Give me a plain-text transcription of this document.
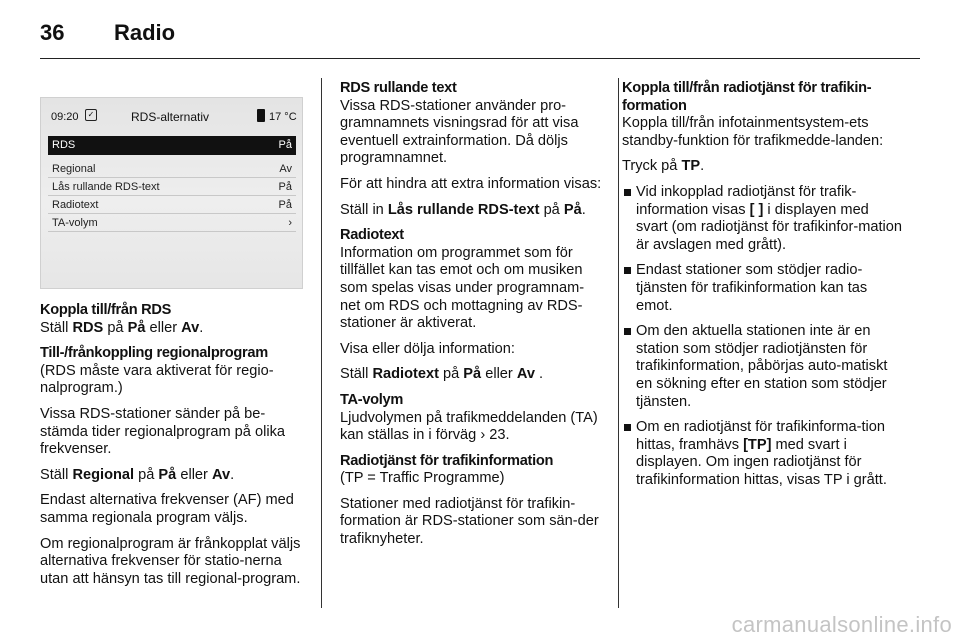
36 Radio
09:20	✓	RDS-alternativ	17 °C
RDS	På
Regional	Av
Lås rullande RDS-text	På
Radiotext	På
TA-volym	›

Koppla till/från RDS

Ställ RDS på På eller Av.

Till-/frånkoppling regionalprogram

(RDS måste vara aktiverat för regio-nalprogram.)

Vissa RDS-stationer sänder på be-stämda tider regionalprogram på olika frekvenser.

Ställ Regional på På eller Av.

Endast alternativa frekvenser (AF) med samma regionala program väljs.

Om regionalprogram är frånkopplat väljs alternativa frekvenser för statio-nerna utan att hänsyn tas till regional-program.

RDS rullande text

Vissa RDS-stationer använder pro-gramnamnets visningsrad för att visa eventuell extrainformation. Då döljs programnamnet.

För att hindra att extra information visas:

Ställ in Lås rullande RDS-text på På.

Radiotext

Information om programmet som för tillfället kan tas emot och om musiken som spelas visas under programnam-net om RDS och mottagning av RDS-stationer är aktiverat.

Visa eller dölja information:

Ställ Radiotext på På eller Av .

TA-volym

Ljudvolymen på trafikmeddelanden (TA) kan ställas in i förväg › 23.

Radiotjänst för trafikinformation

(TP = Traffic Programme)

Stationer med radiotjänst för trafikin-formation är RDS-stationer som sän-der trafiknyheter.

Koppla till/från radiotjänst för trafikin-formation

Koppla till/från infotainmentsystem-ets standby-funktion för trafikmedde-landen:

Tryck på TP.

Vid inkopplad radiotjänst för trafik-information visas [ ] i displayen med svart (om radiotjänst för trafikinfor-mation är avslagen med grått).
Endast stationer som stödjer radio-tjänsten för trafikinformation kan tas emot.
Om den aktuella stationen inte är en station som stödjer radiotjänsten för trafikinformation, påbörjas auto-matiskt en sökning efter en station som stödjer tjänsten.
Om en radiotjänst för trafikinforma-tion hittas, framhävs [TP] med svart i displayen. Om ingen radiotjänst för trafikinformation hittas, visas TP i grått.
carmanualsonline.info
